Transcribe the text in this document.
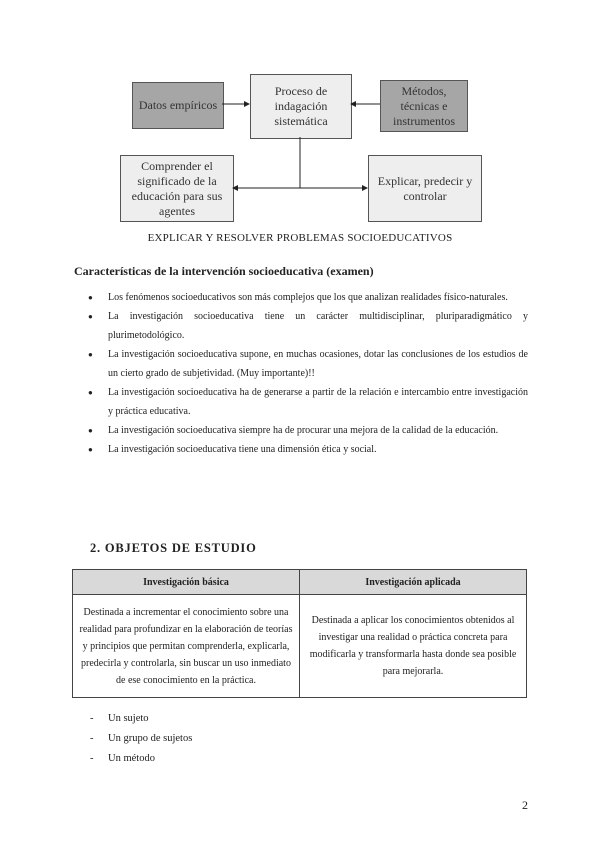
Datos empíricos
Proceso de indagación sistemática
Métodos, técnicas e instrumentos
Comprender el significado de la educación para sus agentes
Explicar, predecir y controlar
EXPLICAR Y RESOLVER PROBLEMAS SOCIOEDUCATIVOS
Características de la intervención socioeducativa (examen)
● Los fenómenos socioeducativos son más complejos que los que analizan realidades físico-naturales.
● La investigación socioeducativa tiene un carácter multidisciplinar, pluriparadigmático y plurimetodológico.
● La investigación socioeducativa supone, en muchas ocasiones, dotar las conclusiones de los estudios de un cierto grado de subjetividad. (Muy importante)!!
● La investigación socioeducativa ha de generarse a partir de la relación e intercambio entre investigación y práctica educativa.
● La investigación socioeducativa siempre ha de procurar una mejora de la calidad de la educación.
● La investigación socioeducativa tiene una dimensión ética y social.
2. OBJETOS DE ESTUDIO
Investigación básica	Investigación aplicada
Destinada a incrementar el conocimiento sobre una realidad para profundizar en la elaboración de teorías y principios que permitan comprenderla, explicarla, predecirla y controlarla, sin buscar un uso inmediato de ese conocimiento en la práctica.	Destinada a aplicar los conocimientos obtenidos al investigar una realidad o práctica concreta para modificarla y transformarla hasta donde sea posible para mejorarla.
- Un sujeto
- Un grupo de sujetos
- Un método
2
